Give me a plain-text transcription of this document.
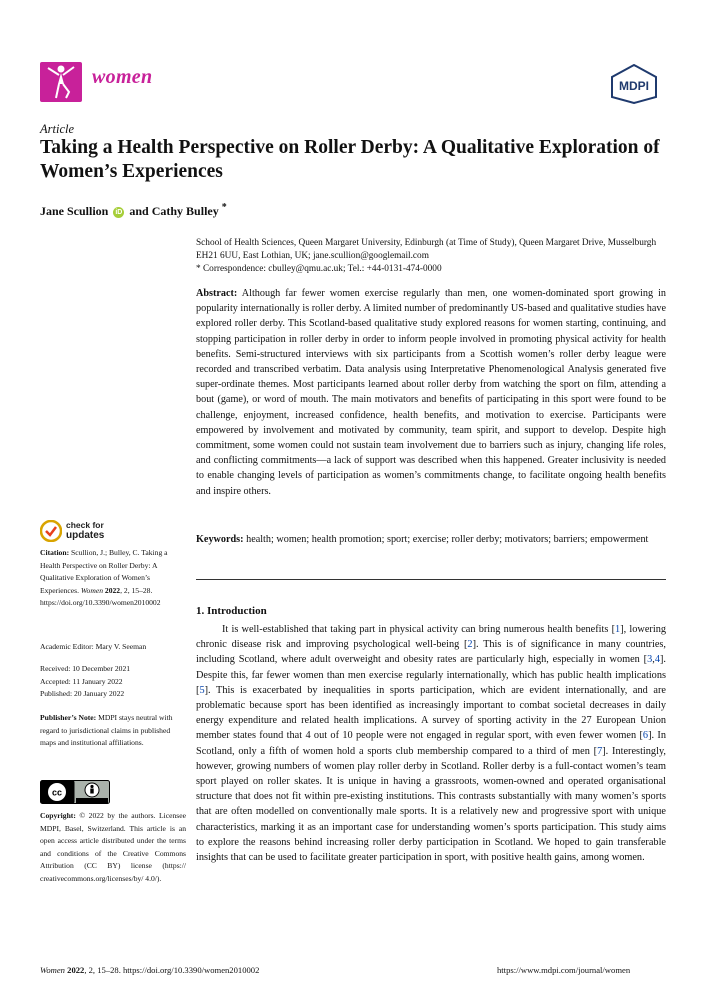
women	MDPI
Article
Taking a Health Perspective on Roller Derby: A Qualitative Exploration of Women’s Experiences
Jane Scullion iD and Cathy Bulley *
School of Health Sciences, Queen Margaret University, Edinburgh (at Time of Study), Queen Margaret Drive, Musselburgh EH21 6UU, East Lothian, UK; jane.scullion@googlemail.com
* Correspondence: cbulley@qmu.ac.uk; Tel.: +44-0131-474-0000
Abstract: Although far fewer women exercise regularly than men, one women-dominated sport growing in popularity internationally is roller derby. A limited number of predominantly US-based and qualitative studies have explored roller derby. This Scotland-based qualitative study explored reasons for women starting, continuing, and stopping participation in roller derby in order to inform people involved in promoting physical activity for health benefits. Semi-structured interviews with six participants from a Scottish women’s roller derby league were recorded and transcribed verbatim. Data analysis using Interpretative Phenomenological Analysis generated five super-ordinate themes. Most participants learned about roller derby from watching the sport on film, attending a bout (game), or word of mouth. The main motivators and benefits of participating in this sport were found to be challenge, enjoyment, increased confidence, health benefits, and motivation to exercise. Participants were empowered by involvement and motivated by community, team spirit, and support to develop. Despite high commitment, some women could not sustain team involvement due to barriers such as injury, changing life roles, and conflicting commitments—a lack of support was described when this happened. Greater inclusivity is needed to enable changing levels of participation as women’s commitments change, to facilitate ongoing health benefits and inspire others.
Keywords: health; women; health promotion; sport; exercise; roller derby; motivators; barriers; empowerment
1. Introduction
It is well-established that taking part in physical activity can bring numerous health benefits [1], lowering chronic disease risk and improving psychological well-being [2]. This is of significance in many countries, including Scotland, where adult overweight and obesity rates are particularly high, especially in women [3,4]. Despite this, far fewer women than men exercise regularly internationally, which has public health implications [5]. This is exacerbated by inequalities in sports participation, which are evident internationally, and are problematic because sport has been identified as increasingly important to combat societal decreases in daily energy expenditure and related health implications. A survey of sporting activity in the 27 European Union member states found that 4 out of 10 people were not engaged in regular sport, with even fewer women [6]. In Scotland, only a fifth of women hold a sports club membership compared to a third of men [7]. Interestingly, however, growing numbers of women play roller derby in Scotland. Roller derby is a full-contact women’s team sport played on roller skates. It is unique in having a grassroots, women-owned and operated organisational structure that does not fit within pre-existing institutions. This contrasts substantially with many women’s sports that are often modelled on conventionally male sports. It is a relatively new and progressive sport with unique characteristics, marking it as an important case for understanding women’s sports participation. This study aims to explore the reasons behind increasing roller derby participation in Scotland. We hoped to gain transferable insights that can be used to facilitate greater participation in sport, with positive health gains, among women.
check for
updates
Citation: Scullion, J.; Bulley, C. Taking a Health Perspective on Roller Derby: A Qualitative Exploration of Women’s Experiences. Women 2022, 2, 15–28. https://doi.org/10.3390/women2010002
Academic Editor: Mary V. Seeman
Received: 10 December 2021
Accepted: 11 January 2022
Published: 20 January 2022
Publisher’s Note: MDPI stays neutral with regard to jurisdictional claims in published maps and institutional affiliations.
cc
Copyright: © 2022 by the authors. Licensee MDPI, Basel, Switzerland. This article is an open access article distributed under the terms and conditions of the Creative Commons Attribution (CC BY) license (https:// creativecommons.org/licenses/by/ 4.0/).
Women 2022, 2, 15–28. https://doi.org/10.3390/women2010002	https://www.mdpi.com/journal/women
